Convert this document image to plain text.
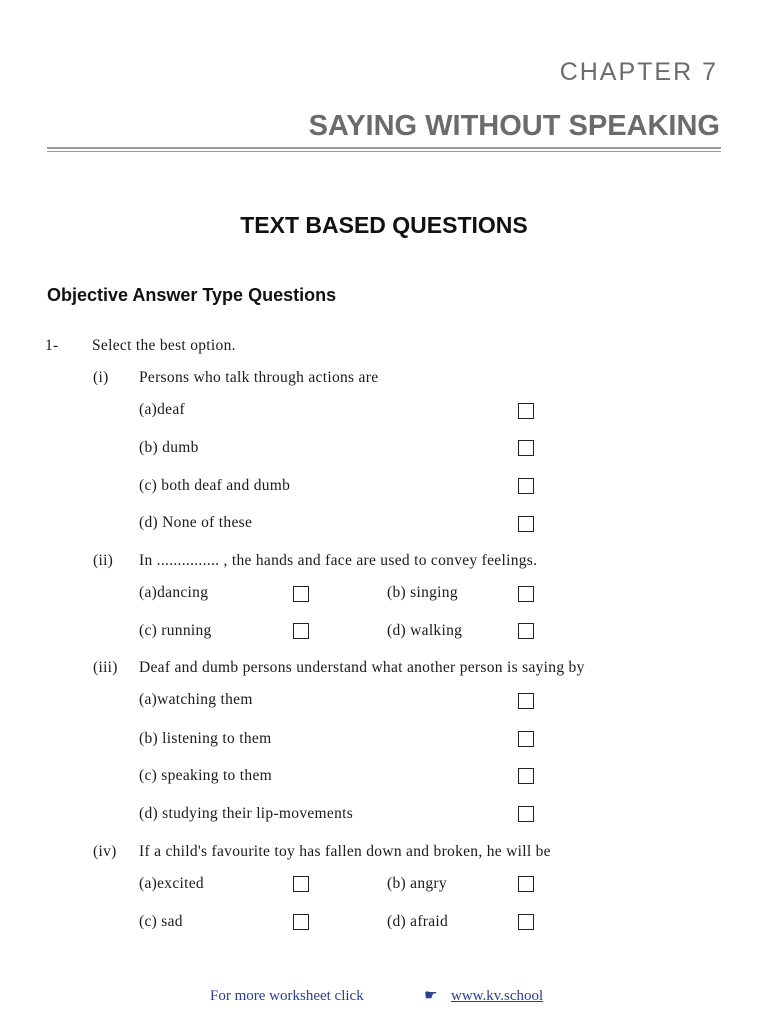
CHAPTER 7
SAYING WITHOUT SPEAKING
TEXT BASED QUESTIONS
Objective Answer Type Questions
1- Select the best option.
(i) Persons who talk through actions are
(a)deaf
(b) dumb
(c) both deaf and dumb
(d) None of these
(ii) In ............... , the hands and face are used to convey feelings.
(a)dancing	(b) singing
(c) running	(d) walking
(iii) Deaf and dumb persons understand what another person is saying by
(a)watching them
(b) listening to them
(c) speaking to them
(d) studying their lip-movements
(iv) If a child's favourite toy has fallen down and broken, he will be
(a)excited	(b) angry
(c) sad	(d) afraid
For more worksheet click	☛ www.kv.school
